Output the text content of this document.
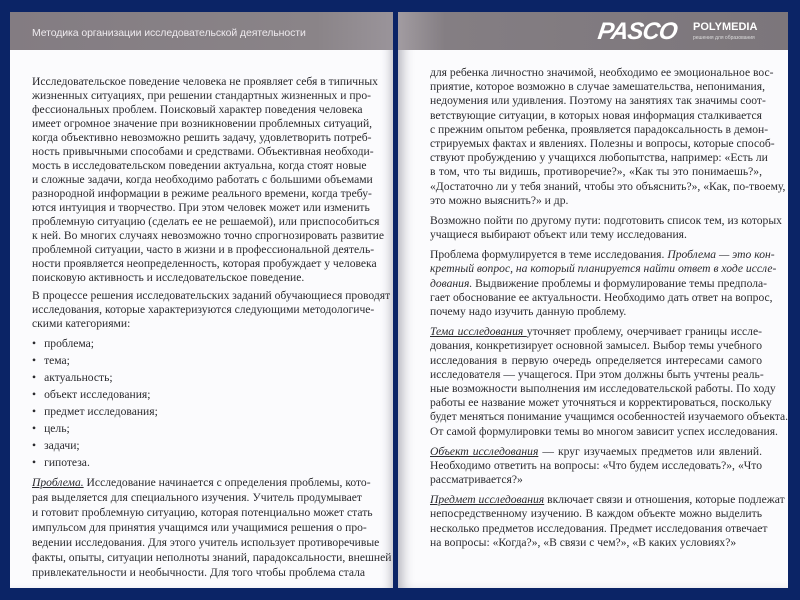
Методика организации исследовательской деятельности
Исследовательское поведение человека не проявляет себя в типичных
жизненных ситуациях, при решении стандартных жизненных и про-
фессиональных проблем. Поисковый характер поведения человека
имеет огромное значение при возникновении проблемных ситуаций,
когда объективно невозможно решить задачу, удовлетворить потреб-
ность привычными способами и средствами. Объективная необходи-
мость в исследовательском поведении актуальна, когда стоят новые
и сложные задачи, когда необходимо работать с большими объемами
разнородной информации в режиме реального времени, когда требу-
ются интуиция и творчество. При этом человек может или изменить
проблемную ситуацию (сделать ее не решаемой), или приспособиться
к ней. Во многих случаях невозможно точно спрогнозировать развитие
проблемной ситуации, часто в жизни и в профессиональной деятель-
ности проявляется неопределенность, которая пробуждает у человека
поисковую активность и исследовательское поведение.
В процессе решения исследовательских заданий обучающиеся проводят
исследования, которые характеризуются следующими методологиче-
скими категориями:
• проблема;
• тема;
• актуальность;
• объект исследования;
• предмет исследования;
• цель;
• задачи;
• гипотеза.
Проблема. Исследование начинается с определения проблемы, кото-
рая выделяется для специального изучения. Учитель продумывает
и готовит проблемную ситуацию, которая потенциально может стать
импульсом для принятия учащимся или учащимися решения о про-
ведении исследования. Для этого учитель использует противоречивые
факты, опыты, ситуации неполноты знаний, парадоксальности, внешней
привлекательности и необычности. Для того чтобы проблема стала
PASCO POLYMEDIA
решения для образования
для ребенка личностно значимой, необходимо ее эмоциональное вос-
приятие, которое возможно в случае замешательства, непонимания,
недоумения или удивления. Поэтому на занятиях так значимы соот-
ветствующие ситуации, в которых новая информация сталкивается
с прежним опытом ребенка, проявляется парадоксальность в демон-
стрируемых фактах и явлениях. Полезны и вопросы, которые способ-
ствуют пробуждению у учащихся любопытства, например: «Есть ли
в том, что ты видишь, противоречие?», «Как ты это понимаешь?»,
«Достаточно ли у тебя знаний, чтобы это объяснить?», «Как, по-твоему,
это можно выяснить?» и др.
Возможно пойти по другому пути: подготовить список тем, из которых
учащиеся выбирают объект или тему исследования.
Проблема формулируется в теме исследования. Проблема — это кон-
кретный вопрос, на который планируется найти ответ в ходе иссле-
дования. Выдвижение проблемы и формулирование темы предпола-
гает обоснование ее актуальности. Необходимо дать ответ на вопрос,
почему надо изучить данную проблему.
Тема исследования уточняет проблему, очерчивает границы иссле-
дования, конкретизирует основной замысел. Выбор темы учебного
исследования в первую очередь определяется интересами самого
исследователя — учащегося. При этом должны быть учтены реаль-
ные возможности выполнения им исследовательской работы. По ходу
работы ее название может уточняться и корректироваться, поскольку
будет меняться понимание учащимся особенностей изучаемого объекта.
От самой формулировки темы во многом зависит успех исследования.
Объект исследования — круг изучаемых предметов или явлений.
Необходимо ответить на вопросы: «Что будем исследовать?», «Что
рассматривается?»
Предмет исследования включает связи и отношения, которые подлежат
непосредственному изучению. В каждом объекте можно выделить
несколько предметов исследования. Предмет исследования отвечает
на вопросы: «Когда?», «В связи с чем?», «В каких условиях?»
